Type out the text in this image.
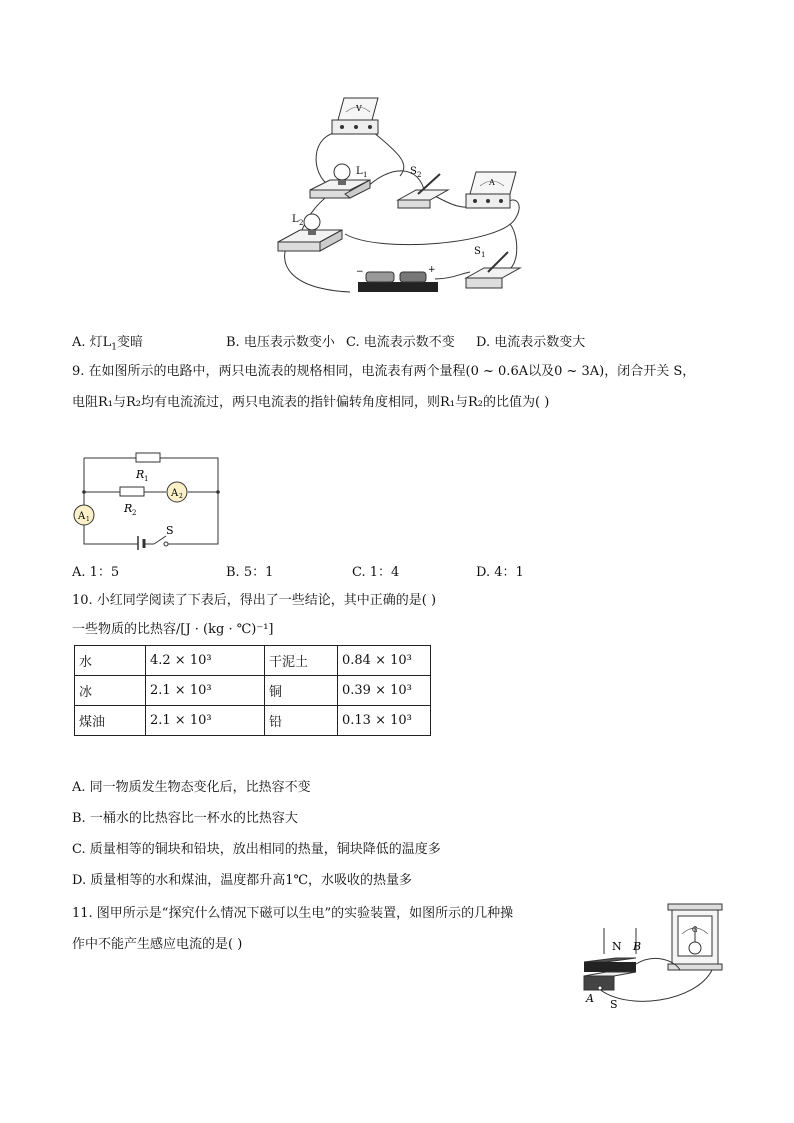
V
L 1	S 2
A
L 2
−	+
S 1
A. 灯$L_1$变暗	B. 电压表示数变小 C. 电流表示数不变 D. 电流表示数变大
9. 在如图所示的电路中，两只电流表的规格相同，电流表有两个量程(0 ~ 0.6A以及0 ~ 3A)，闭合开关 S，
电阻R₁与R₂均有电流流过，两只电流表的指针偏转角度相同，则R₁与R₂的比值为( )
R 1
R 2
A 2
A 1
S
A. 1：5	B. 5：1	C. 1：4	D. 4：1
10. 小红同学阅读了下表后，得出了一些结论，其中正确的是( )
一些物质的比热容/[J · (kg · ℃)⁻¹]
水	4.2 × 10³	干泥土	0.84 × 10³
冰	2.1 × 10³	铜	0.39 × 10³
煤油	2.1 × 10³	铅	0.13 × 10³
A. 同一物质发生物态变化后，比热容不变
B. 一桶水的比热容比一杯水的比热容大
C. 质量相等的铜块和铅块，放出相同的热量，铜块降低的温度多
D. 质量相等的水和煤油，温度都升高1℃，水吸收的热量多
11. 图甲所示是“探究什么情况下磁可以生电”的实验装置，如图所示的几种操
作中不能产生感应电流的是( )
G
N B
A S
